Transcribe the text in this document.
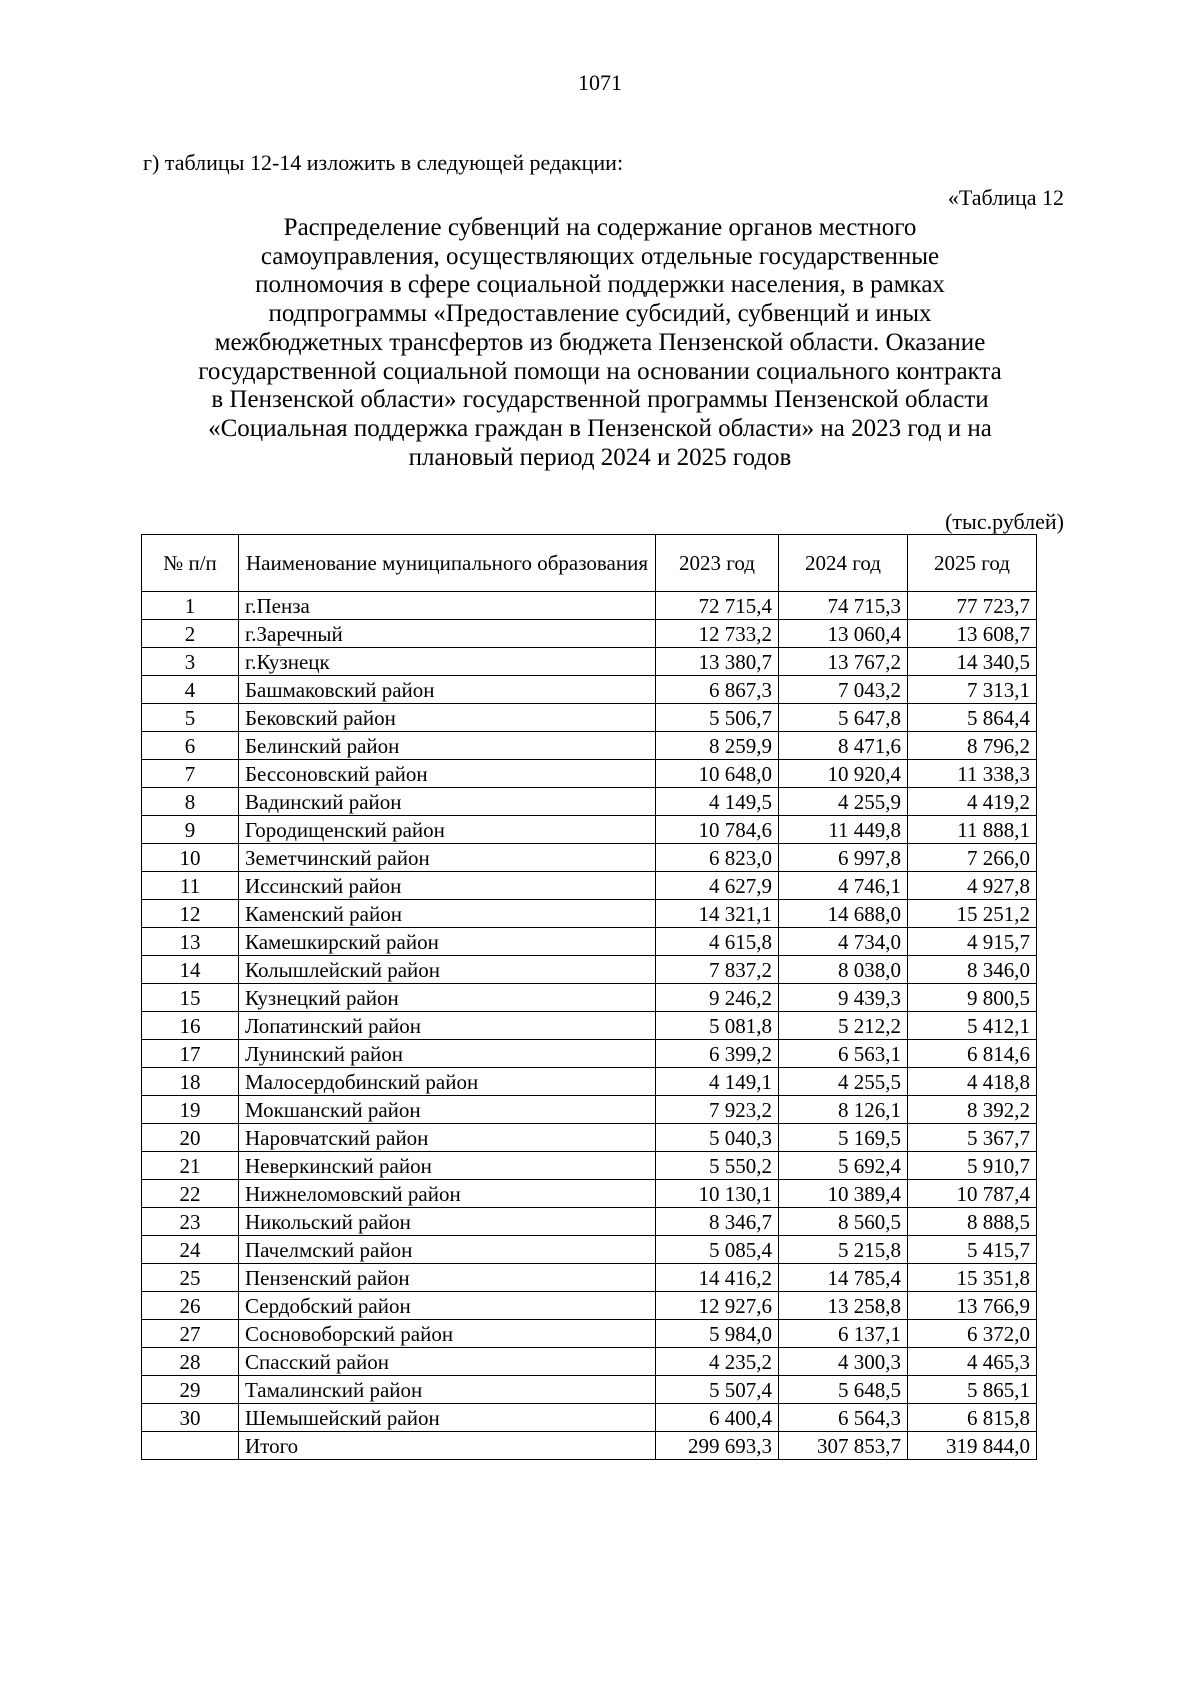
1071
г) таблицы 12-14 изложить в следующей редакции:
«Таблица 12
Распределение субвенций на содержание органов местного
самоуправления, осуществляющих отдельные государственные
полномочия в сфере социальной поддержки населения, в рамках
подпрограммы «Предоставление субсидий, субвенций и иных
межбюджетных трансфертов из бюджета Пензенской области. Оказание
государственной социальной помощи на основании социального контракта
в Пензенской области» государственной программы Пензенской области
«Социальная поддержка граждан в Пензенской области» на 2023 год и на
плановый период 2024 и 2025 годов
(тыс.рублей)
№ п/п	Наименование муниципального образования	2023 год	2024 год	2025 год
1	г.Пенза	72 715,4	74 715,3	77 723,7
2	г.Заречный	12 733,2	13 060,4	13 608,7
3	г.Кузнецк	13 380,7	13 767,2	14 340,5
4	Башмаковский район	6 867,3	7 043,2	7 313,1
5	Бековский район	5 506,7	5 647,8	5 864,4
6	Белинский район	8 259,9	8 471,6	8 796,2
7	Бессоновский район	10 648,0	10 920,4	11 338,3
8	Вадинский район	4 149,5	4 255,9	4 419,2
9	Городищенский район	10 784,6	11 449,8	11 888,1
10	Земетчинский район	6 823,0	6 997,8	7 266,0
11	Иссинский район	4 627,9	4 746,1	4 927,8
12	Каменский район	14 321,1	14 688,0	15 251,2
13	Камешкирский район	4 615,8	4 734,0	4 915,7
14	Колышлейский район	7 837,2	8 038,0	8 346,0
15	Кузнецкий район	9 246,2	9 439,3	9 800,5
16	Лопатинский район	5 081,8	5 212,2	5 412,1
17	Лунинский район	6 399,2	6 563,1	6 814,6
18	Малосердобинский район	4 149,1	4 255,5	4 418,8
19	Мокшанский район	7 923,2	8 126,1	8 392,2
20	Наровчатский район	5 040,3	5 169,5	5 367,7
21	Неверкинский район	5 550,2	5 692,4	5 910,7
22	Нижнеломовский район	10 130,1	10 389,4	10 787,4
23	Никольский район	8 346,7	8 560,5	8 888,5
24	Пачелмский район	5 085,4	5 215,8	5 415,7
25	Пензенский район	14 416,2	14 785,4	15 351,8
26	Сердобский район	12 927,6	13 258,8	13 766,9
27	Сосновоборский район	5 984,0	6 137,1	6 372,0
28	Спасский район	4 235,2	4 300,3	4 465,3
29	Тамалинский район	5 507,4	5 648,5	5 865,1
30	Шемышейский район	6 400,4	6 564,3	6 815,8
	Итого	299 693,3	307 853,7	319 844,0
